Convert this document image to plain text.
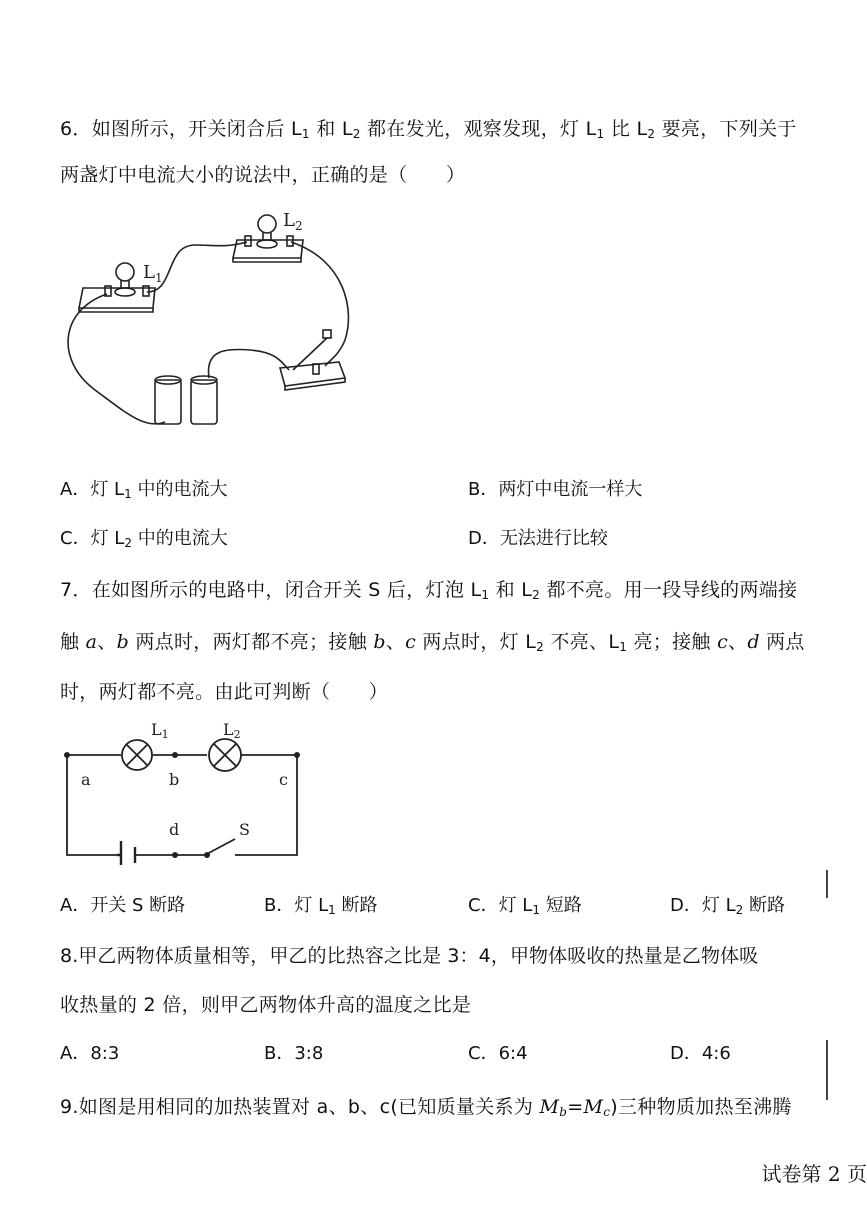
6．如图所示，开关闭合后 $L_1$ 和 $L_2$ 都在发光，观察发现，灯 $L_1$ 比 $L_2$ 要亮，下列关于
两盏灯中电流大小的说法中，正确的是（　　）
$L_1$
$L_2$
A．灯 $L_1$ 中的电流大	B．两灯中电流一样大
C．灯 $L_2$ 中的电流大	D．无法进行比较
7．在如图所示的电路中，闭合开关 S 后，灯泡 $L_1$ 和 $L_2$ 都不亮。用一段导线的两端接
触 a、b 两点时，两灯都不亮；接触 b、c 两点时，灯 $L_2$ 不亮、$L_1$ 亮；接触 c、d 两点
时，两灯都不亮。由此可判断（　　）
a	b	c
d	S
L1	L2
A．开关 S 断路	B．灯 $L_1$ 断路	C．灯 $L_1$ 短路	D．灯 $L_2$ 断路
8.甲乙两物体质量相等，甲乙的比热容之比是 3：4，甲物体吸收的热量是乙物体吸
收热量的 2 倍，则甲乙两物体升高的温度之比是
A．8:3	B．3:8	C．6:4	D．4:6
9.如图是用相同的加热装置对 a、b、c(已知质量关系为 $M_b=M_c$)三种物质加热至沸腾
试卷第 2 页
